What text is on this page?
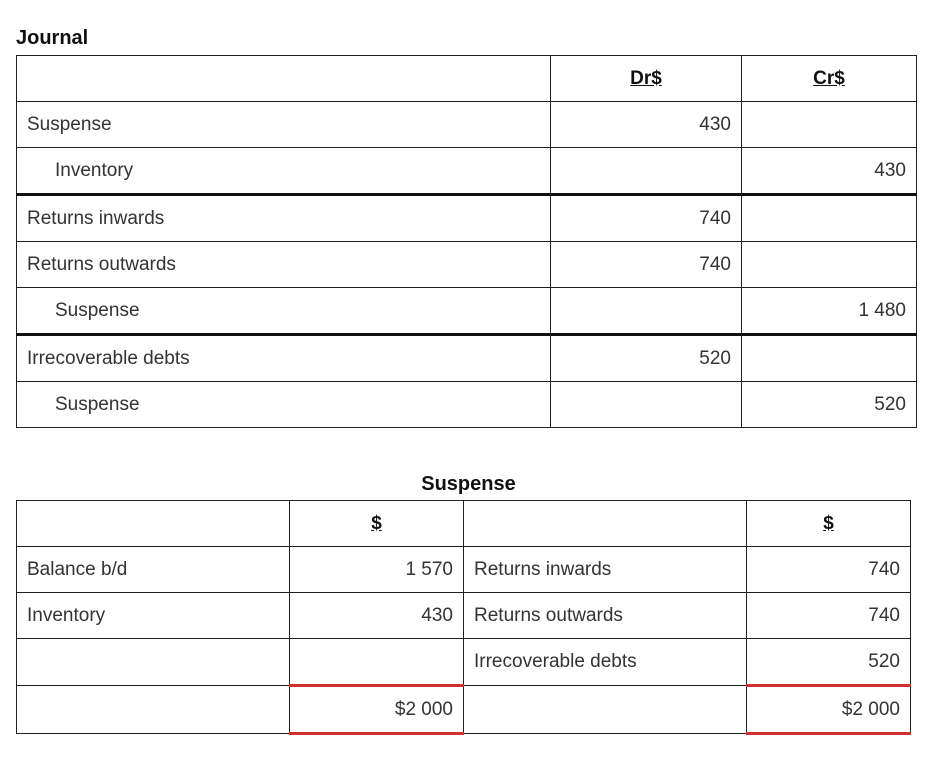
Journal
	Dr$	Cr$
Suspense	430	
Inventory		430
Returns inwards	740	
Returns outwards	740	
Suspense		1 480
Irrecoverable debts	520	
Suspense		520
Suspense
	$		$
Balance b/d	1 570	Returns inwards	740
Inventory	430	Returns outwards	740
		Irrecoverable debts	520
	$2 000		$2 000
